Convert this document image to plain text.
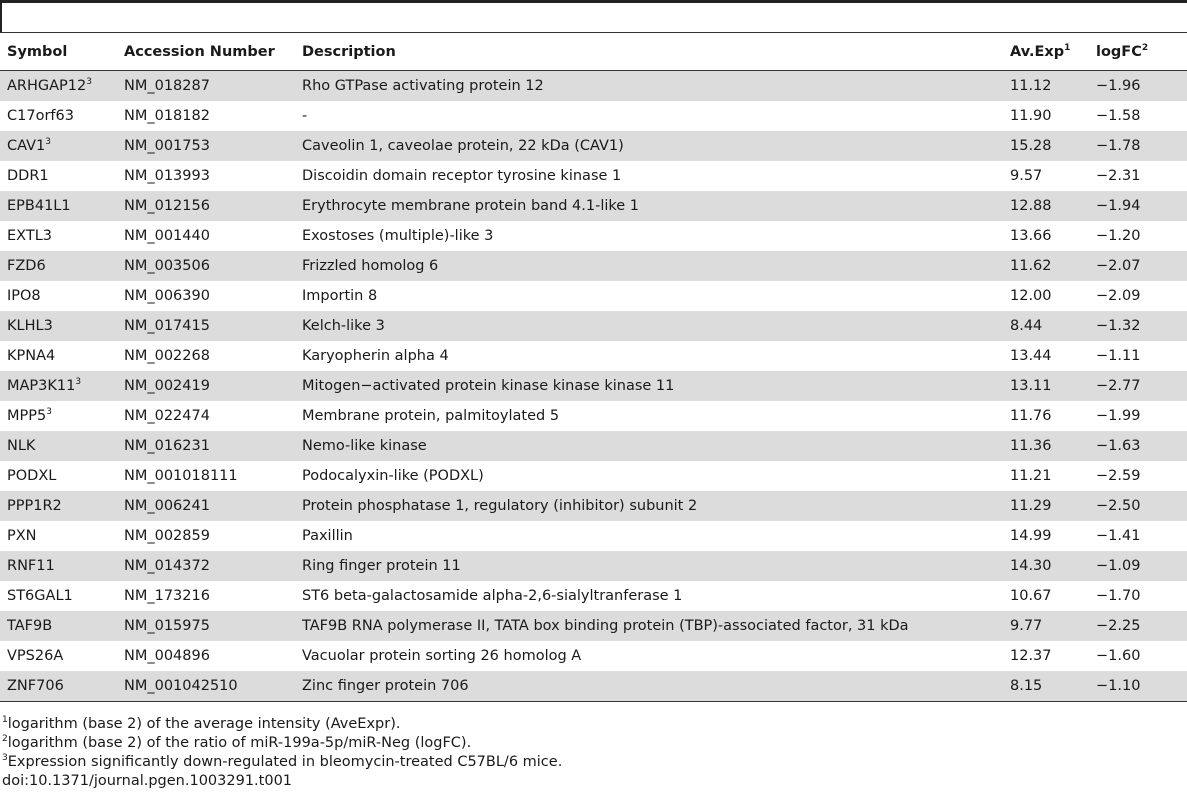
Symbol	Accession Number	Description	Av.Exp$^1$	logFC$^2$
$ARHGAP12^3$	NM_018287	Rho GTPase activating protein 12	11.12	−1.96
C17orf63	NM_018182	-	11.90	−1.58
$CAV1^3$	NM_001753	Caveolin 1, caveolae protein, 22 kDa (CAV1)	15.28	−1.78
DDR1	NM_013993	Discoidin domain receptor tyrosine kinase 1	9.57	−2.31
EPB41L1	NM_012156	Erythrocyte membrane protein band 4.1-like 1	12.88	−1.94
EXTL3	NM_001440	Exostoses (multiple)-like 3	13.66	−1.20
FZD6	NM_003506	Frizzled homolog 6	11.62	−2.07
IPO8	NM_006390	Importin 8	12.00	−2.09
KLHL3	NM_017415	Kelch-like 3	8.44	−1.32
KPNA4	NM_002268	Karyopherin alpha 4	13.44	−1.11
$MAP3K11^3$	NM_002419	Mitogen−activated protein kinase kinase kinase 11	13.11	−2.77
$MPP5^3$	NM_022474	Membrane protein, palmitoylated 5	11.76	−1.99
NLK	NM_016231	Nemo-like kinase	11.36	−1.63
PODXL	NM_001018111	Podocalyxin-like (PODXL)	11.21	−2.59
PPP1R2	NM_006241	Protein phosphatase 1, regulatory (inhibitor) subunit 2	11.29	−2.50
PXN	NM_002859	Paxillin	14.99	−1.41
RNF11	NM_014372	Ring finger protein 11	14.30	−1.09
ST6GAL1	NM_173216	ST6 beta-galactosamide alpha-2,6-sialyltranferase 1	10.67	−1.70
TAF9B	NM_015975	TAF9B RNA polymerase II, TATA box binding protein (TBP)-associated factor, 31 kDa	9.77	−2.25
VPS26A	NM_004896	Vacuolar protein sorting 26 homolog A	12.37	−1.60
ZNF706	NM_001042510	Zinc finger protein 706	8.15	−1.10
$^1$logarithm (base 2) of the average intensity (AveExpr).
$^2$logarithm (base 2) of the ratio of miR-199a-5p/miR-Neg (logFC).
$^3$Expression significantly down-regulated in bleomycin-treated C57BL/6 mice.
doi:10.1371/journal.pgen.1003291.t001
